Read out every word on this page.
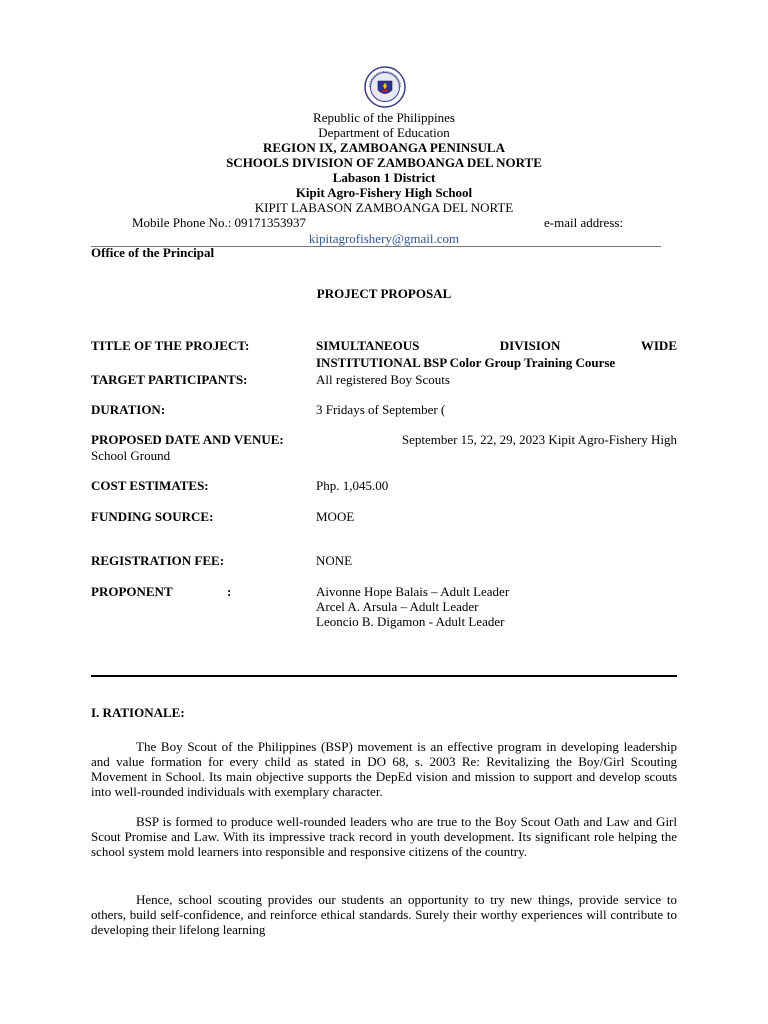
Republic of the Philippines
Department of Education
REGION IX, ZAMBOANGA PENINSULA
SCHOOLS DIVISION OF ZAMBOANGA DEL NORTE
Labason 1 District
Kipit Agro-Fishery High School
KIPIT LABASON ZAMBOANGA DEL NORTE
Mobile Phone No.: 09171353937	e-mail address:
kipitagrofishery@gmail.com
Office of the Principal
PROJECT PROPOSAL
TITLE OF THE PROJECT:	SIMULTANEOUS	DIVISION	WIDE
INSTITUTIONAL BSP Color Group Training Course
TARGET PARTICIPANTS:	All registered Boy Scouts
DURATION:	3 Fridays of September (
PROPOSED DATE AND VENUE:	September 15, 22, 29, 2023 Kipit Agro-Fishery High
School Ground
COST ESTIMATES:	Php. 1,045.00
FUNDING SOURCE:	MOOE
REGISTRATION FEE:	NONE
PROPONENT	:	Aivonne Hope Balais – Adult Leader
Arcel A. Arsula – Adult Leader
Leoncio B. Digamon - Adult Leader
I. RATIONALE:
The Boy Scout of the Philippines (BSP) movement is an effective program in developing leadership and value formation for every child as stated in DO 68, s. 2003 Re: Revitalizing the Boy/Girl Scouting Movement in School. Its main objective supports the DepEd vision and mission to support and develop scouts into well-rounded individuals with exemplary character.
BSP is formed to produce well-rounded leaders who are true to the Boy Scout Oath and Law and Girl Scout Promise and Law. With its impressive track record in youth development. Its significant role helping the school system mold learners into responsible and responsive citizens of the country.
Hence, school scouting provides our students an opportunity to try new things, provide service to others, build self-confidence, and reinforce ethical standards. Surely their worthy experiences will contribute to developing their lifelong learning
